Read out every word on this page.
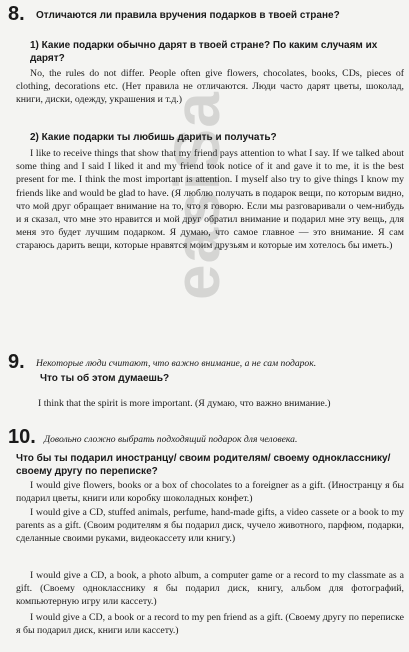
8. Отличаются ли правила вручения подарков в твоей стране?
1) Какие подарки обычно дарят в твоей стране? По каким случаям их дарят?
No, the rules do not differ. People often give flowers, chocolates, books, CDs, pieces of clothing, decorations etc. (Нет правила не отличаются. Люди часто дарят цветы, шоколад, книги, диски, одежду, украшения и т.д.)
2) Какие подарки ты любишь дарить и получать?
I like to receive things that show that my friend pays attention to what I say. If we talked about some thing and I said I liked it and my friend took notice of it and gave it to me, it is the best present for me. I think the most important is attention. I myself also try to give things I know my friends like and would be glad to have. (Я люблю получать в подарок вещи, по которым видно, что мой друг обращает внимание на то, что я говорю. Если мы разговаривали о чем-нибудь и я сказал, что мне это нравится и мой друг обратил внимание и подарил мне эту вещь, для меня это будет лучшим подарком. Я думаю, что самое главное — это внимание. Я сам стараюсь дарить вещи, которые нравятся моим друзьям и которые им хотелось бы иметь.)
9. Некоторые люди считают, что важно внимание, а не сам подарок.
Что ты об этом думаешь?
I think that the spirit is more important. (Я думаю, что важно внимание.)
10. Довольно сложно выбрать подходящий подарок для человека.
Что бы ты подарил иностранцу/ своим родителям/ своему однокласснику/ своему другу по переписке?
I would give flowers, books or a box of chocolates to a foreigner as a gift. (Иностранцу я бы подарил цветы, книги или коробку шоколадных конфет.)
I would give a CD, stuffed animals, perfume, hand-made gifts, a video cassete or a book to my parents as a gift. (Своим родителям я бы подарил диск, чучело животного, парфюм, подарки, сделанные своими руками, видеокассету или книгу.)
I would give a CD, a book, a photo album, a computer game or a record to my classmate as a gift. (Своему однокласснику я бы подарил диск, книгу, альбом для фотографий, компьютерную игру или кассету.)
I would give a CD, a book or a record to my pen friend as a gift. (Своему другу по переписке я бы подарил диск, книги или кассету.)
easiSa
